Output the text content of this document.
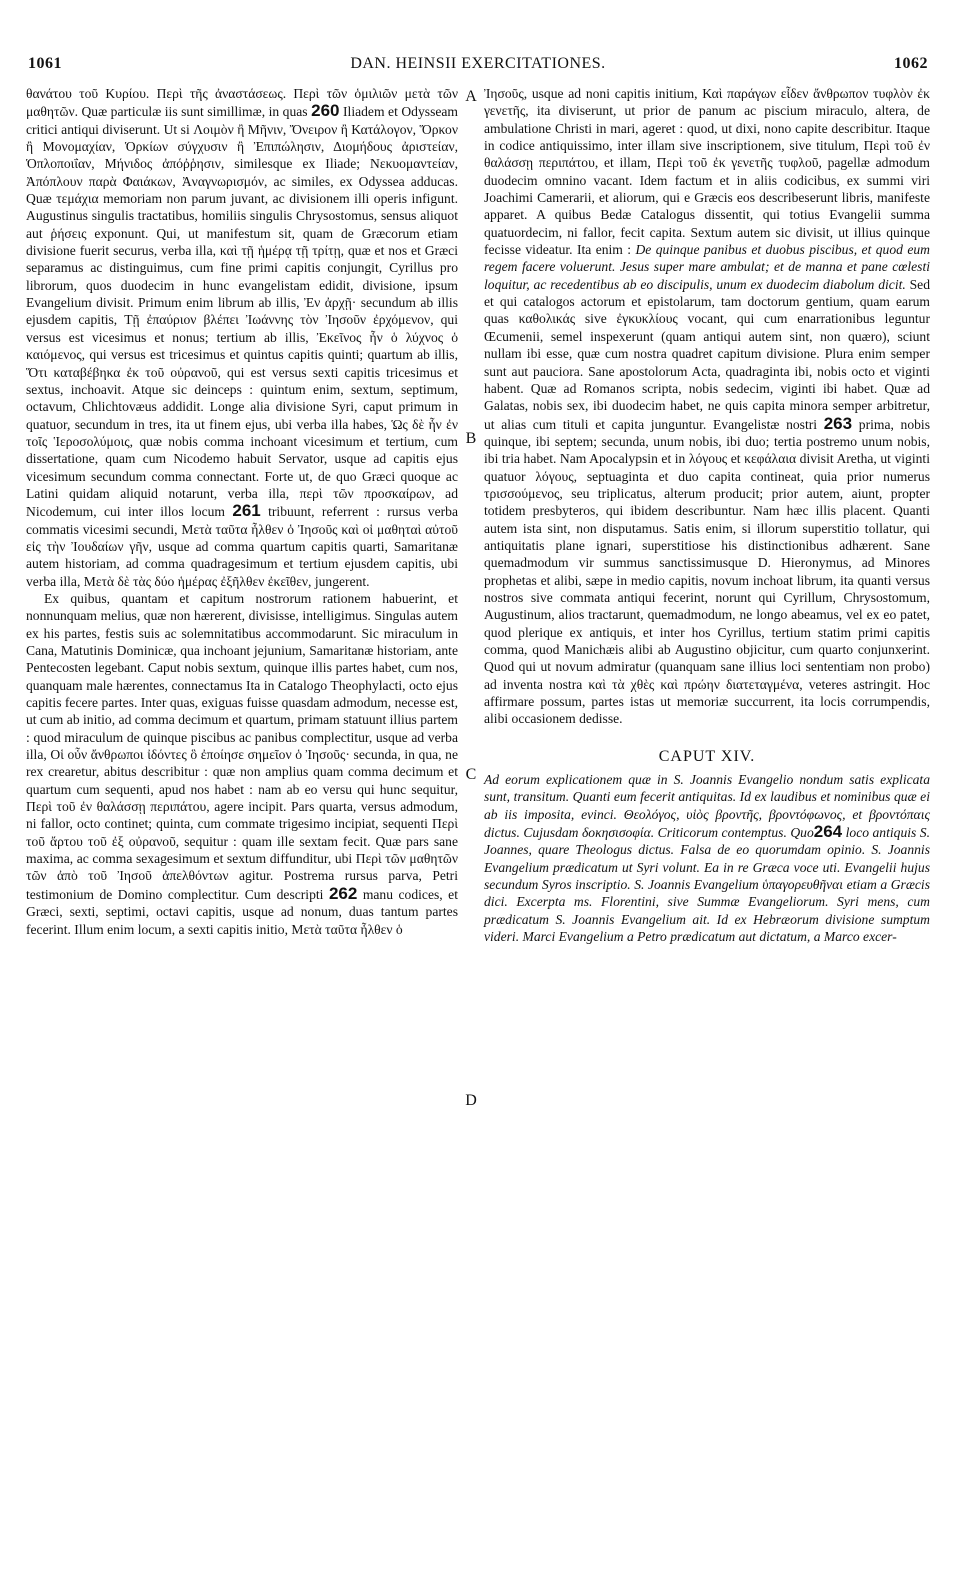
1061	DAN. HEINSII EXERCITATIONES.	1062
A
B
C
D

θανάτου τοῦ Κυρίου. Περὶ τῆς ἀναστάσεως. Περὶ τῶν ὁμιλιῶν μετὰ τῶν μαθητῶν. Quæ particulæ iis sunt simillimæ, in quas 260 Iliadem et Odysseam critici antiqui diviserunt. Ut si Λοιμὸν ἢ Μῆνιν, Ὄνειρον ἢ Κατάλογον, Ὅρκον ἢ Μονομαχίαν, Ὁρκίων σύγχυσιν ἢ Ἐπιπώλησιν, Διομήδους ἀριστείαν, Ὁπλοποιΐαν, Μήνιδος ἀπόῤῥησιν, similesque ex Iliade; Νεκυομαντείαν, Ἀπόπλουν παρὰ Φαιάκων, Ἀναγνωρισμόν, ac similes, ex Odyssea adducas. Quæ τεμάχια memoriam non parum juvant, ac divisionem illi operis infigunt. Augustinus singulis tractatibus, homiliis singulis Chrysostomus, sensus aliquot aut ῥήσεις exponunt. Qui, ut manifestum sit, quam de Græcorum etiam divisione fuerit securus, verba illa, καὶ τῇ ἡμέρᾳ τῇ τρίτῃ, quæ et nos et Græci separamus ac distinguimus, cum fine primi capitis conjungit, Cyrillus pro librorum, quos duodecim in hunc evangelistam edidit, divisione, ipsum Evangelium divisit. Primum enim librum ab illis, Ἐν ἀρχῇ· secundum ab illis ejusdem capitis, Τῇ ἐπαύριον βλέπει Ἰωάννης τὸν Ἰησοῦν ἐρχόμενον, qui versus est vicesimus et nonus; tertium ab illis, Ἐκεῖνος ἦν ὁ λύχνος ὁ καιόμενος, qui versus est tricesimus et quintus capitis quinti; quartum ab illis, Ὅτι καταβέβηκα ἐκ τοῦ οὐρανοῦ, qui est versus sexti capitis tricesimus et sextus, inchoavit. Atque sic deinceps : quintum enim, sextum, septimum, octavum, Chlichtovæus addidit. Longe alia divisione Syri, caput primum in quatuor, secundum in tres, ita ut finem ejus, ubi verba illa habes, Ὡς δὲ ἦν ἐν τοῖς Ἱεροσολύμοις, quæ nobis comma inchoant vicesimum et tertium, cum dissertatione, quam cum Nicodemo habuit Servator, usque ad capitis ejus vicesimum secundum comma connectant. Forte ut, de quo Græci quoque ac Latini quidam aliquid notarunt, verba illa, περὶ τῶν προσκαίρων, ad Nicodemum, cui inter illos locum 261 tribuunt, referrent : rursus verba commatis vicesimi secundi, Μετὰ ταῦτα ἦλθεν ὁ Ἰησοῦς καὶ οἱ μαθηταὶ αὐτοῦ εἰς τὴν Ἰουδαίων γῆν, usque ad comma quartum capitis quarti, Samaritanæ autem historiam, ad comma quadragesimum et tertium ejusdem capitis, ubi verba illa, Μετὰ δὲ τὰς δύο ἡμέρας ἐξῆλθεν ἐκεῖθεν, jungerent.

Ex quibus, quantam et capitum nostrorum rationem habuerint, et nonnunquam melius, quæ non hærerent, divisisse, intelligimus. Singulas autem ex his partes, festis suis ac solemnitatibus accommodarunt. Sic miraculum in Cana, Matutinis Dominicæ, qua inchoant jejunium, Samaritanæ historiam, ante Pentecosten legebant. Caput nobis sextum, quinque illis partes habet, cum nos, quanquam male hærentes, connectamus Ita in Catalogo Theophylacti, octo ejus capitis fecere partes. Inter quas, exiguas fuisse quasdam admodum, necesse est, ut cum ab initio, ad comma decimum et quartum, primam statuunt illius partem : quod miraculum de quinque piscibus ac panibus complectitur, usque ad verba illa, Οἱ οὖν ἄνθρωποι ἰδόντες ὃ ἐποίησε σημεῖον ὁ Ἰησοῦς· secunda, in qua, ne rex crearetur, abitus describitur : quæ non amplius quam comma decimum et quartum cum sequenti, apud nos habet : nam ab eo versu qui hunc sequitur, Περὶ τοῦ ἐν θαλάσσῃ περιπάτου, agere incipit. Pars quarta, versus admodum, ni fallor, octo continet; quinta, cum commate trigesimo incipiat, sequenti Περὶ τοῦ ἄρτου τοῦ ἐξ οὐρανοῦ, sequitur : quam ille sextam fecit. Quæ pars sane maxima, ac comma sexagesimum et sextum diffunditur, ubi Περὶ τῶν μαθητῶν τῶν ἀπὸ τοῦ Ἰησοῦ ἀπελθόντων agitur. Postrema rursus parva, Petri testimonium de Domino complectitur. Cum descripti 262 manu codices, et Græci, sexti, septimi, octavi capitis, usque ad nonum, duas tantum partes fecerint. Illum enim locum, a sexti capitis initio, Μετὰ ταῦτα ἦλθεν ὁ

Ἰησοῦς, usque ad noni capitis initium, Καὶ παράγων εἶδεν ἄνθρωπον τυφλὸν ἐκ γενετῆς, ita diviserunt, ut prior de panum ac piscium miraculo, altera, de ambulatione Christi in mari, ageret : quod, ut dixi, nono capite describitur. Itaque in codice antiquissimo, inter illam sive inscriptionem, sive titulum, Περὶ τοῦ ἐν θαλάσσῃ περιπάτου, et illam, Περὶ τοῦ ἐκ γενετῆς τυφλοῦ, pagellæ admodum duodecim omnino vacant. Idem factum et in aliis codicibus, ex summi viri Joachimi Camerarii, et aliorum, qui e Græcis eos describeserunt libris, manifeste apparet. A quibus Bedæ Catalogus dissentit, qui totius Evangelii summa quatuordecim, ni fallor, fecit capita. Sextum autem sic divisit, ut illius quinque fecisse videatur. Ita enim : De quinque panibus et duobus piscibus, et quod eum regem facere voluerunt. Jesus super mare ambulat; et de manna et pane cœlesti loquitur, ac recedentibus ab eo discipulis, unum ex duodecim diabolum dicit. Sed et qui catalogos actorum et epistolarum, tam doctorum gentium, quam earum quas καθολικάς sive ἐγκυκλίους vocant, qui cum enarrationibus leguntur Œcumenii, semel inspexerunt (quam antiqui autem sint, non quæro), sciunt nullam ibi esse, quæ cum nostra quadret capitum divisione. Plura enim semper sunt aut pauciora. Sane apostolorum Acta, quadraginta ibi, nobis octo et viginti habent. Quæ ad Romanos scripta, nobis sedecim, viginti ibi habet. Quæ ad Galatas, nobis sex, ibi duodecim habet, ne quis capita minora semper arbitretur, ut alias cum tituli et capita junguntur. Evangelistæ nostri 263 prima, nobis quinque, ibi septem; secunda, unum nobis, ibi duo; tertia postremo unum nobis, ibi tria habet. Nam Apocalypsin et in λόγους et κεφάλαια divisit Aretha, ut viginti quatuor λόγους, septuaginta et duo capita contineat, quia prior numerus τρισσούμενος, seu triplicatus, alterum producit; prior autem, aiunt, propter totidem presbyteros, qui ibidem describuntur. Nam hæc illis placent. Quanti autem ista sint, non disputamus. Satis enim, si illorum superstitio tollatur, qui antiquitatis plane ignari, superstitiose his distinctionibus adhærent. Sane quemadmodum vir summus sanctissimusque D. Hieronymus, ad Minores prophetas et alibi, sæpe in medio capitis, novum inchoat librum, ita quanti versus nostros sive commata antiqui fecerint, norunt qui Cyrillum, Chrysostomum, Augustinum, alios tractarunt, quemadmodum, ne longo abeamus, vel ex eo patet, quod plerique ex antiquis, et inter hos Cyrillus, tertium statim primi capitis comma, quod Manichæis alibi ab Augustino objicitur, cum quarto conjunxerint. Quod qui ut novum admiratur (quanquam sane illius loci sententiam non probo) ad inventa nostra καὶ τὰ χθὲς καὶ πρώην διατεταγμένα, veteres astringit. Hoc affirmare possum, partes istas ut memoriæ succurrent, ita locis corrumpendis, alibi occasionem dedisse.

CAPUT XIV.

Ad eorum explicationem quæ in S. Joannis Evangelio nondum satis explicata sunt, transitum. Quanti eum fecerit antiquitas. Id ex laudibus et nominibus quæ ei ab iis imposita, evinci. Θεολόγος, υἱὸς βροντῆς, βροντόφωνος, et βροντόπαις dictus. Cujusdam δοκησισοφία. Criticorum contemptus. Quo264 loco antiquis S. Joannes, quare Theologus dictus. Falsa de eo quorumdam opinio. S. Joannis Evangelium prædicatum ut Syri volunt. Ea in re Græca voce uti. Evangelii hujus secundum Syros inscriptio. S. Joannis Evangelium ὑπαγορευθῆναι etiam a Græcis dici. Excerpta ms. Florentini, sive Summæ Evangeliorum. Syri mens, cum prædicatum S. Joannis Evangelium ait. Id ex Hebræorum divisione sumptum videri. Marci Evangelium a Petro prædicatum aut dictatum, a Marco excer-
